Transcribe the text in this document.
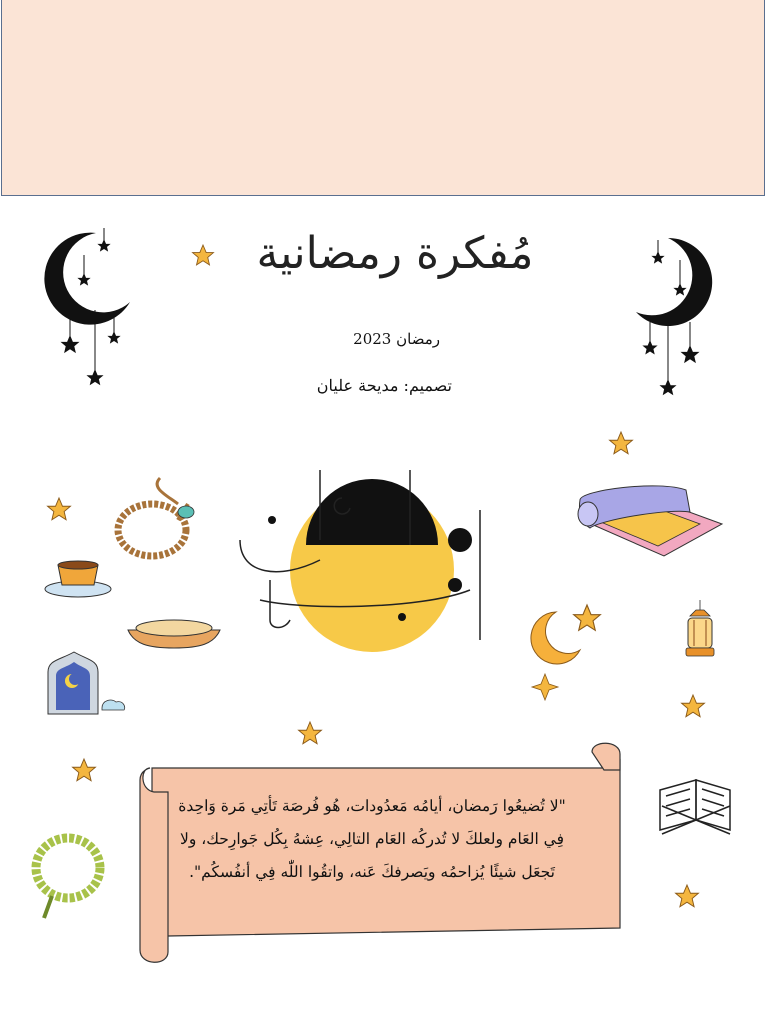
مُفكرة رمضانية
رمضان 2023
تصميم: مديحة عليان
"لا تُضيعُوا رَمضان، أيامُه مَعدُودات، هُو فُرصَة تَأتِي مَرة وَاحِدة
فِي العَام ولعلكَ لا تُدركُه العَام التالِي، عِشهُ بِكُل جَوارِحك، ولا
تَجعَل شيئًا يُزاحمُه ويَصرفكَ عَنه، واتقُوا اللّٰه فِي أنفُسكُم".
